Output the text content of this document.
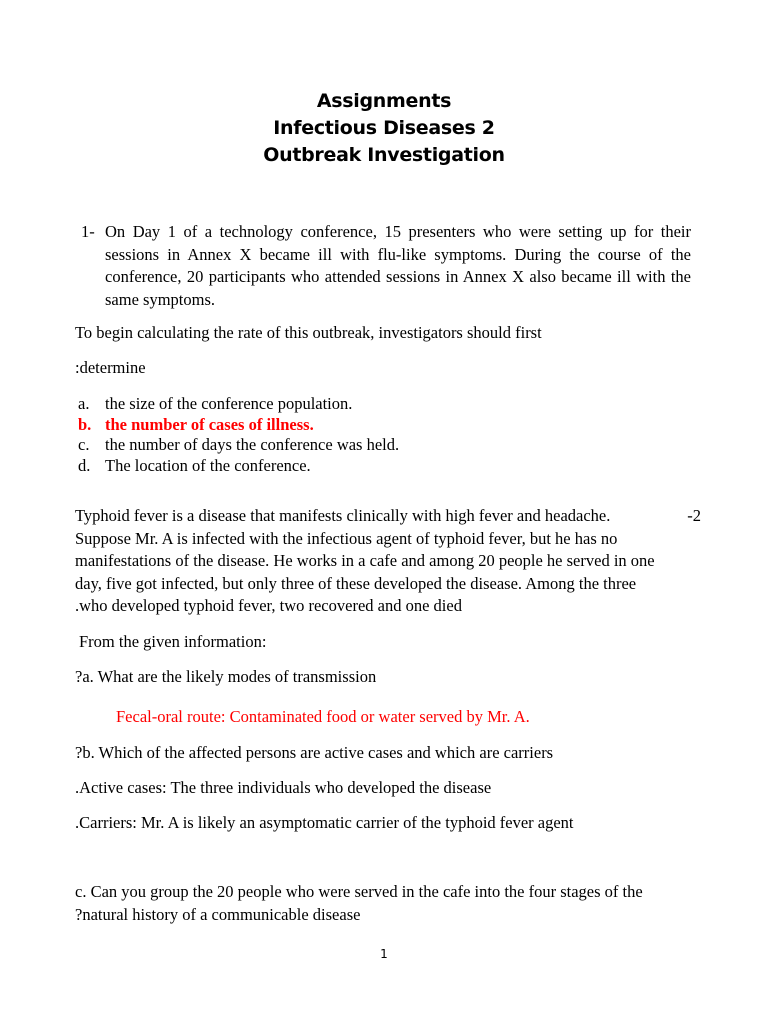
Assignments
Infectious Diseases 2
Outbreak Investigation
1- On Day 1 of a technology conference, 15 presenters who were setting up for their sessions in Annex X became ill with flu-like symptoms. During the course of the conference, 20 participants who attended sessions in Annex X also became ill with the same symptoms.
To begin calculating the rate of this outbreak, investigators should first
:determine
a. the size of the conference population.
b. the number of cases of illness.
c. the number of days the conference was held.
d. The location of the conference.
Typhoid fever is a disease that manifests clinically with high fever and headache.	-2
Suppose Mr. A is infected with the infectious agent of typhoid fever, but he has no
manifestations of the disease. He works in a cafe and among 20 people he served in one
day, five got infected, but only three of these developed the disease. Among the three
.who developed typhoid fever, two recovered and one died
From the given information:
?a. What are the likely modes of transmission
Fecal-oral route: Contaminated food or water served by Mr. A.
?b. Which of the affected persons are active cases and which are carriers
.Active cases: The three individuals who developed the disease
.Carriers: Mr. A is likely an asymptomatic carrier of the typhoid fever agent
c. Can you group the 20 people who were served in the cafe into the four stages of the
?natural history of a communicable disease
1
